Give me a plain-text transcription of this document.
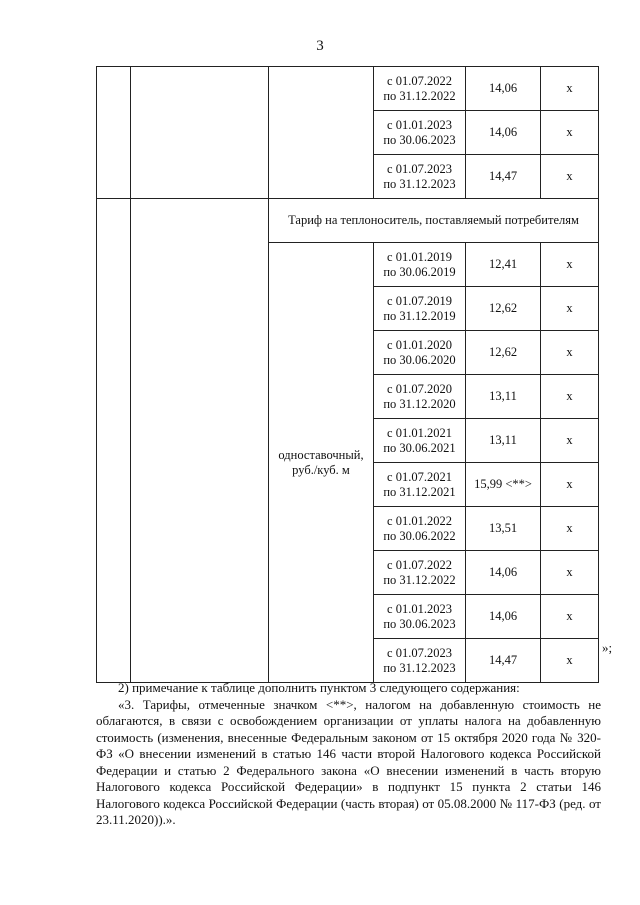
3

			с 01.07.2022
по 31.12.2022	14,06	х

			с 01.01.2023
по 30.06.2023	14,06	х

			с 01.07.2023
по 31.12.2023	14,47	х
		Тариф на теплоноситель, поставляемый потребителям			

		одноставочный,
руб./куб. м	с 01.01.2019
по 30.06.2019	12,41	х

			с 01.07.2019
по 31.12.2019	12,62	х

			с 01.01.2020
по 30.06.2020	12,62	х

			с 01.07.2020
по 31.12.2020	13,11	х

			с 01.01.2021
по 30.06.2021	13,11	х

			с 01.07.2021
по 31.12.2021	15,99 <**>	х

			с 01.01.2022
по 30.06.2022	13,51	х

			с 01.07.2022
по 31.12.2022	14,06	х

			с 01.01.2023
по 30.06.2023	14,06	х

			с 01.07.2023
по 31.12.2023	14,47	х
»;

2) примечание к таблице дополнить пунктом 3 следующего содержания:

«3. Тарифы, отмеченные значком <**>, налогом на добавленную стоимость не облагаются, в связи с освобождением организации от уплаты налога на добавленную стоимость (изменения, внесенные Федеральным законом от 15 октября 2020 года № 320-ФЗ «О внесении изменений в статью 146 части второй Налогового кодекса Российской Федерации и статью 2 Федерального закона «О внесении изменений в часть вторую Налогового кодекса Российской Федерации» в подпункт 15 пункта 2 статьи 146 Налогового кодекса Российской Федерации (часть вторая) от 05.08.2000 № 117-ФЗ (ред. от 23.11.2020)).».
